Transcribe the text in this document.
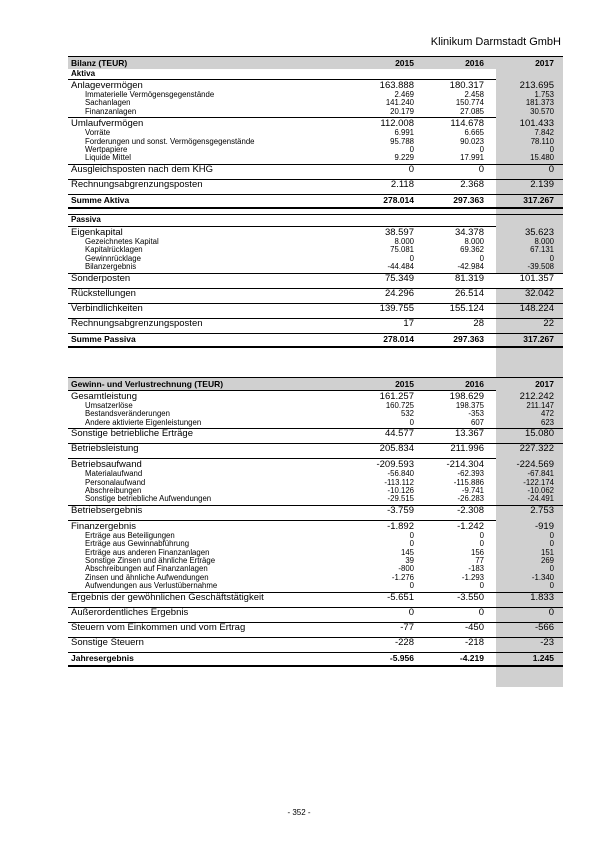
Klinikum Darmstadt GmbH
Bilanz (TEUR)	2015	2016	2017
Aktiva
Anlagevermögen	163.888	180.317	213.695
Immaterielle Vermögensgegenstände	2.469	2.458	1.753
Sachanlagen	141.240	150.774	181.373
Finanzanlagen	20.179	27.085	30.570
Umlaufvermögen	112.008	114.678	101.433
Vorräte	6.991	6.665	7.842
Forderungen und sonst. Vermögensgegenstände	95.788	90.023	78.110
Wertpapiere	0	0	0
Liquide Mittel	9.229	17.991	15.480
Ausgleichsposten nach dem KHG	0	0	0
Rechnungsabgrenzungsposten	2.118	2.368	2.139
Summe Aktiva	278.014	297.363	317.267
Passiva
Eigenkapital	38.597	34.378	35.623
Gezeichnetes Kapital	8.000	8.000	8.000
Kapitalrücklagen	75.081	69.362	67.131
Gewinnrücklage	0	0	0
Bilanzergebnis	-44.484	-42.984	-39.508
Sonderposten	75.349	81.319	101.357
Rückstellungen	24.296	26.514	32.042
Verbindlichkeiten	139.755	155.124	148.224
Rechnungsabgrenzungsposten	17	28	22
Summe Passiva	278.014	297.363	317.267
Gewinn- und Verlustrechnung (TEUR)	2015	2016	2017
Gesamtleistung	161.257	198.629	212.242
Umsatzerlöse	160.725	198.375	211.147
Bestandsveränderungen	532	-353	472
Andere aktivierte Eigenleistungen	0	607	623
Sonstige betriebliche Erträge	44.577	13.367	15.080
Betriebsleistung	205.834	211.996	227.322
Betriebsaufwand	-209.593	-214.304	-224.569
Materialaufwand	-56.840	-62.393	-67.841
Personalaufwand	-113.112	-115.886	-122.174
Abschreibungen	-10.126	-9.741	-10.062
Sonstige betriebliche Aufwendungen	-29.515	-26.283	-24.491
Betriebsergebnis	-3.759	-2.308	2.753
Finanzergebnis	-1.892	-1.242	-919
Erträge aus Beteiligungen	0	0	0
Erträge aus Gewinnabführung	0	0	0
Erträge aus anderen Finanzanlagen	145	156	151
Sonstige Zinsen und ähnliche Erträge	39	77	269
Abschreibungen auf Finanzanlagen	-800	-183	0
Zinsen und ähnliche Aufwendungen	-1.276	-1.293	-1.340
Aufwendungen aus Verlustübernahme	0	0	0
Ergebnis der gewöhnlichen Geschäftstätigkeit	-5.651	-3.550	1.833
Außerordentliches Ergebnis	0	0	0
Steuern vom Einkommen und vom Ertrag	-77	-450	-566
Sonstige Steuern	-228	-218	-23
Jahresergebnis	-5.956	-4.219	1.245
- 352 -
